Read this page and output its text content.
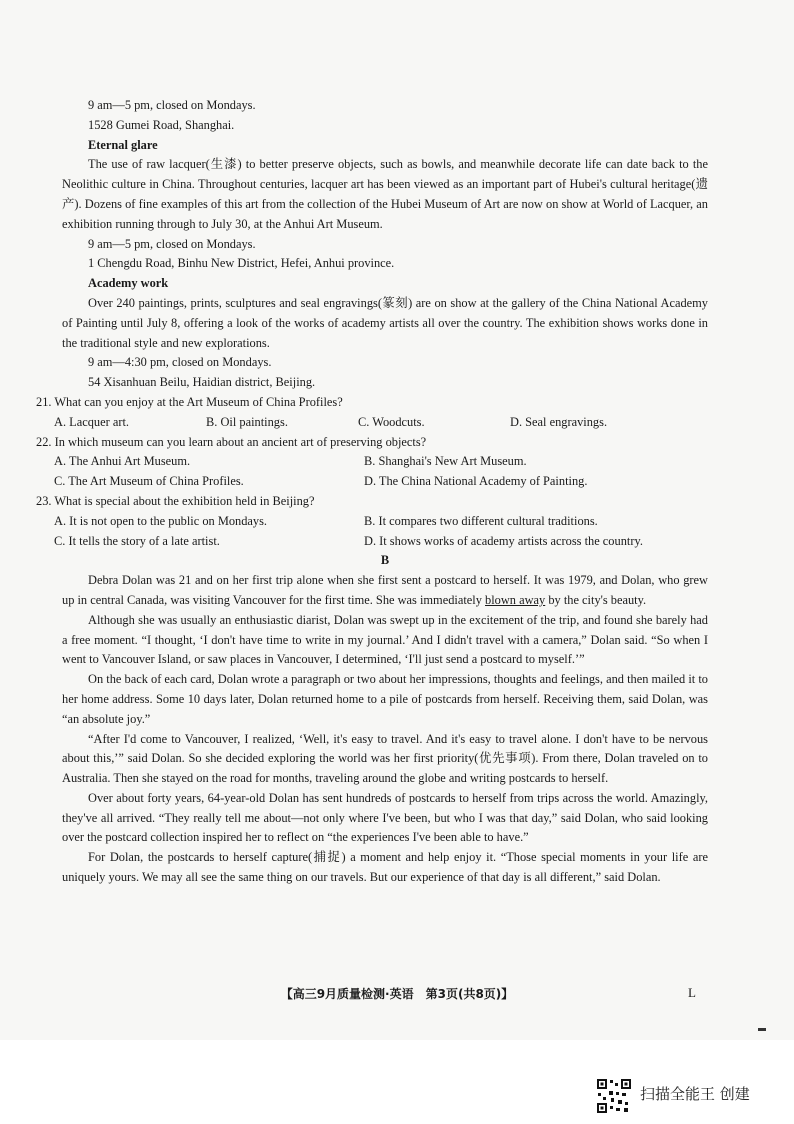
9 am—5 pm, closed on Mondays.
1528 Gumei Road, Shanghai.
Eternal glare
The use of raw lacquer(生漆) to better preserve objects, such as bowls, and meanwhile decorate life can date back to the Neolithic culture in China. Throughout centuries, lacquer art has been viewed as an important part of Hubei's cultural heritage(遗产). Dozens of fine examples of this art from the collection of the Hubei Museum of Art are now on show at World of Lacquer, an exhibition running through to July 30, at the Anhui Art Museum.
9 am—5 pm, closed on Mondays.
1 Chengdu Road, Binhu New District, Hefei, Anhui province.
Academy work
Over 240 paintings, prints, sculptures and seal engravings(篆刻) are on show at the gallery of the China National Academy of Painting until July 8, offering a look of the works of academy artists all over the country. The exhibition shows works done in the traditional style and new explorations.
9 am—4:30 pm, closed on Mondays.
54 Xisanhuan Beilu, Haidian district, Beijing.
21. What can you enjoy at the Art Museum of China Profiles?
A. Lacquer art.	B. Oil paintings.	C. Woodcuts.	D. Seal engravings.
22. In which museum can you learn about an ancient art of preserving objects?
A. The Anhui Art Museum.	B. Shanghai's New Art Museum.
C. The Art Museum of China Profiles.	D. The China National Academy of Painting.
23. What is special about the exhibition held in Beijing?
A. It is not open to the public on Mondays.	B. It compares two different cultural traditions.
C. It tells the story of a late artist.	D. It shows works of academy artists across the country.
B
Debra Dolan was 21 and on her first trip alone when she first sent a postcard to herself. It was 1979, and Dolan, who grew up in central Canada, was visiting Vancouver for the first time. She was immediately blown away by the city's beauty.
Although she was usually an enthusiastic diarist, Dolan was swept up in the excitement of the trip, and found she barely had a free moment. “I thought, ‘I don't have time to write in my journal.’ And I didn't travel with a camera,” Dolan said. “So when I went to Vancouver Island, or saw places in Vancouver, I determined, ‘I'll just send a postcard to myself.’”
On the back of each card, Dolan wrote a paragraph or two about her impressions, thoughts and feelings, and then mailed it to her home address. Some 10 days later, Dolan returned home to a pile of postcards from herself. Receiving them, said Dolan, was “an absolute joy.”
“After I'd come to Vancouver, I realized, ‘Well, it's easy to travel. And it's easy to travel alone. I don't have to be nervous about this,’” said Dolan. So she decided exploring the world was her first priority(优先事项). From there, Dolan traveled on to Australia. Then she stayed on the road for months, traveling around the globe and writing postcards to herself.
Over about forty years, 64-year-old Dolan has sent hundreds of postcards to herself from trips across the world. Amazingly, they've all arrived. “They really tell me about—not only where I've been, but who I was that day,” said Dolan, who said looking over the postcard collection inspired her to reflect on “the experiences I've been able to have.”
For Dolan, the postcards to herself capture(捕捉) a moment and help enjoy it. “Those special moments in your life are uniquely yours. We may all see the same thing on our travels. But our experience of that day is all different,” said Dolan.
【高三9月质量检测·英语　第3页(共8页)】	L
扫描全能王 创建
